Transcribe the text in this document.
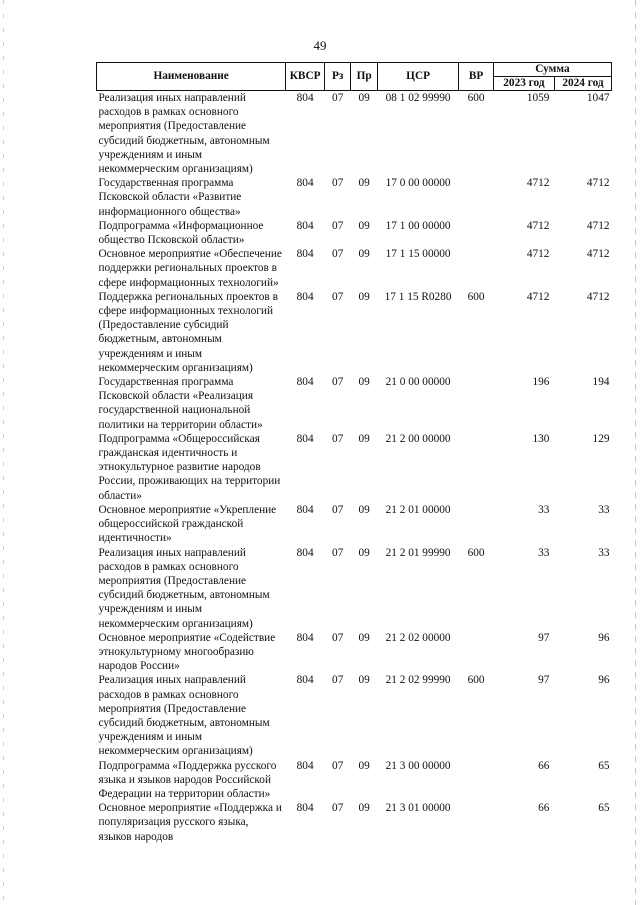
49
Наименование	КВСР	Рз	Пр	ЦСР	ВР	Сумма	
						2023 год	2024 год
Реализация иных направлений расходов в рамках основного мероприятия (Предоставление субсидий бюджетным, автономным учреждениям и иным некоммерческим организациям)	804	07	09	08 1 02 99990	600	1059	1047
Государственная программа Псковской области «Развитие информационного общества»	804	07	09	17 0 00 00000		4712	4712
Подпрограмма «Информационное общество Псковской области»	804	07	09	17 1 00 00000		4712	4712
Основное мероприятие «Обеспечение поддержки региональных проектов в сфере информационных технологий»	804	07	09	17 1 15 00000		4712	4712
Поддержка региональных проектов в сфере информационных технологий (Предоставление субсидий бюджетным, автономным учреждениям и иным некоммерческим организациям)	804	07	09	17 1 15 R0280	600	4712	4712
Государственная программа Псковской области «Реализация государственной национальной политики на территории области»	804	07	09	21 0 00 00000		196	194
Подпрограмма «Общероссийская гражданская идентичность и этнокультурное развитие народов России, проживающих на территории области»	804	07	09	21 2 00 00000		130	129
Основное мероприятие «Укрепление общероссийской гражданской идентичности»	804	07	09	21 2 01 00000		33	33
Реализация иных направлений расходов в рамках основного мероприятия (Предоставление субсидий бюджетным, автономным учреждениям и иным некоммерческим организациям)	804	07	09	21 2 01 99990	600	33	33
Основное мероприятие «Содействие этнокультурному многообразию народов России»	804	07	09	21 2 02 00000		97	96
Реализация иных направлений расходов в рамках основного мероприятия (Предоставление субсидий бюджетным, автономным учреждениям и иным некоммерческим организациям)	804	07	09	21 2 02 99990	600	97	96
Подпрограмма «Поддержка русского языка и языков народов Российской Федерации на территории области»	804	07	09	21 3 00 00000		66	65
Основное мероприятие «Поддержка и популяризация русского языка, языков народов	804	07	09	21 3 01 00000		66	65
